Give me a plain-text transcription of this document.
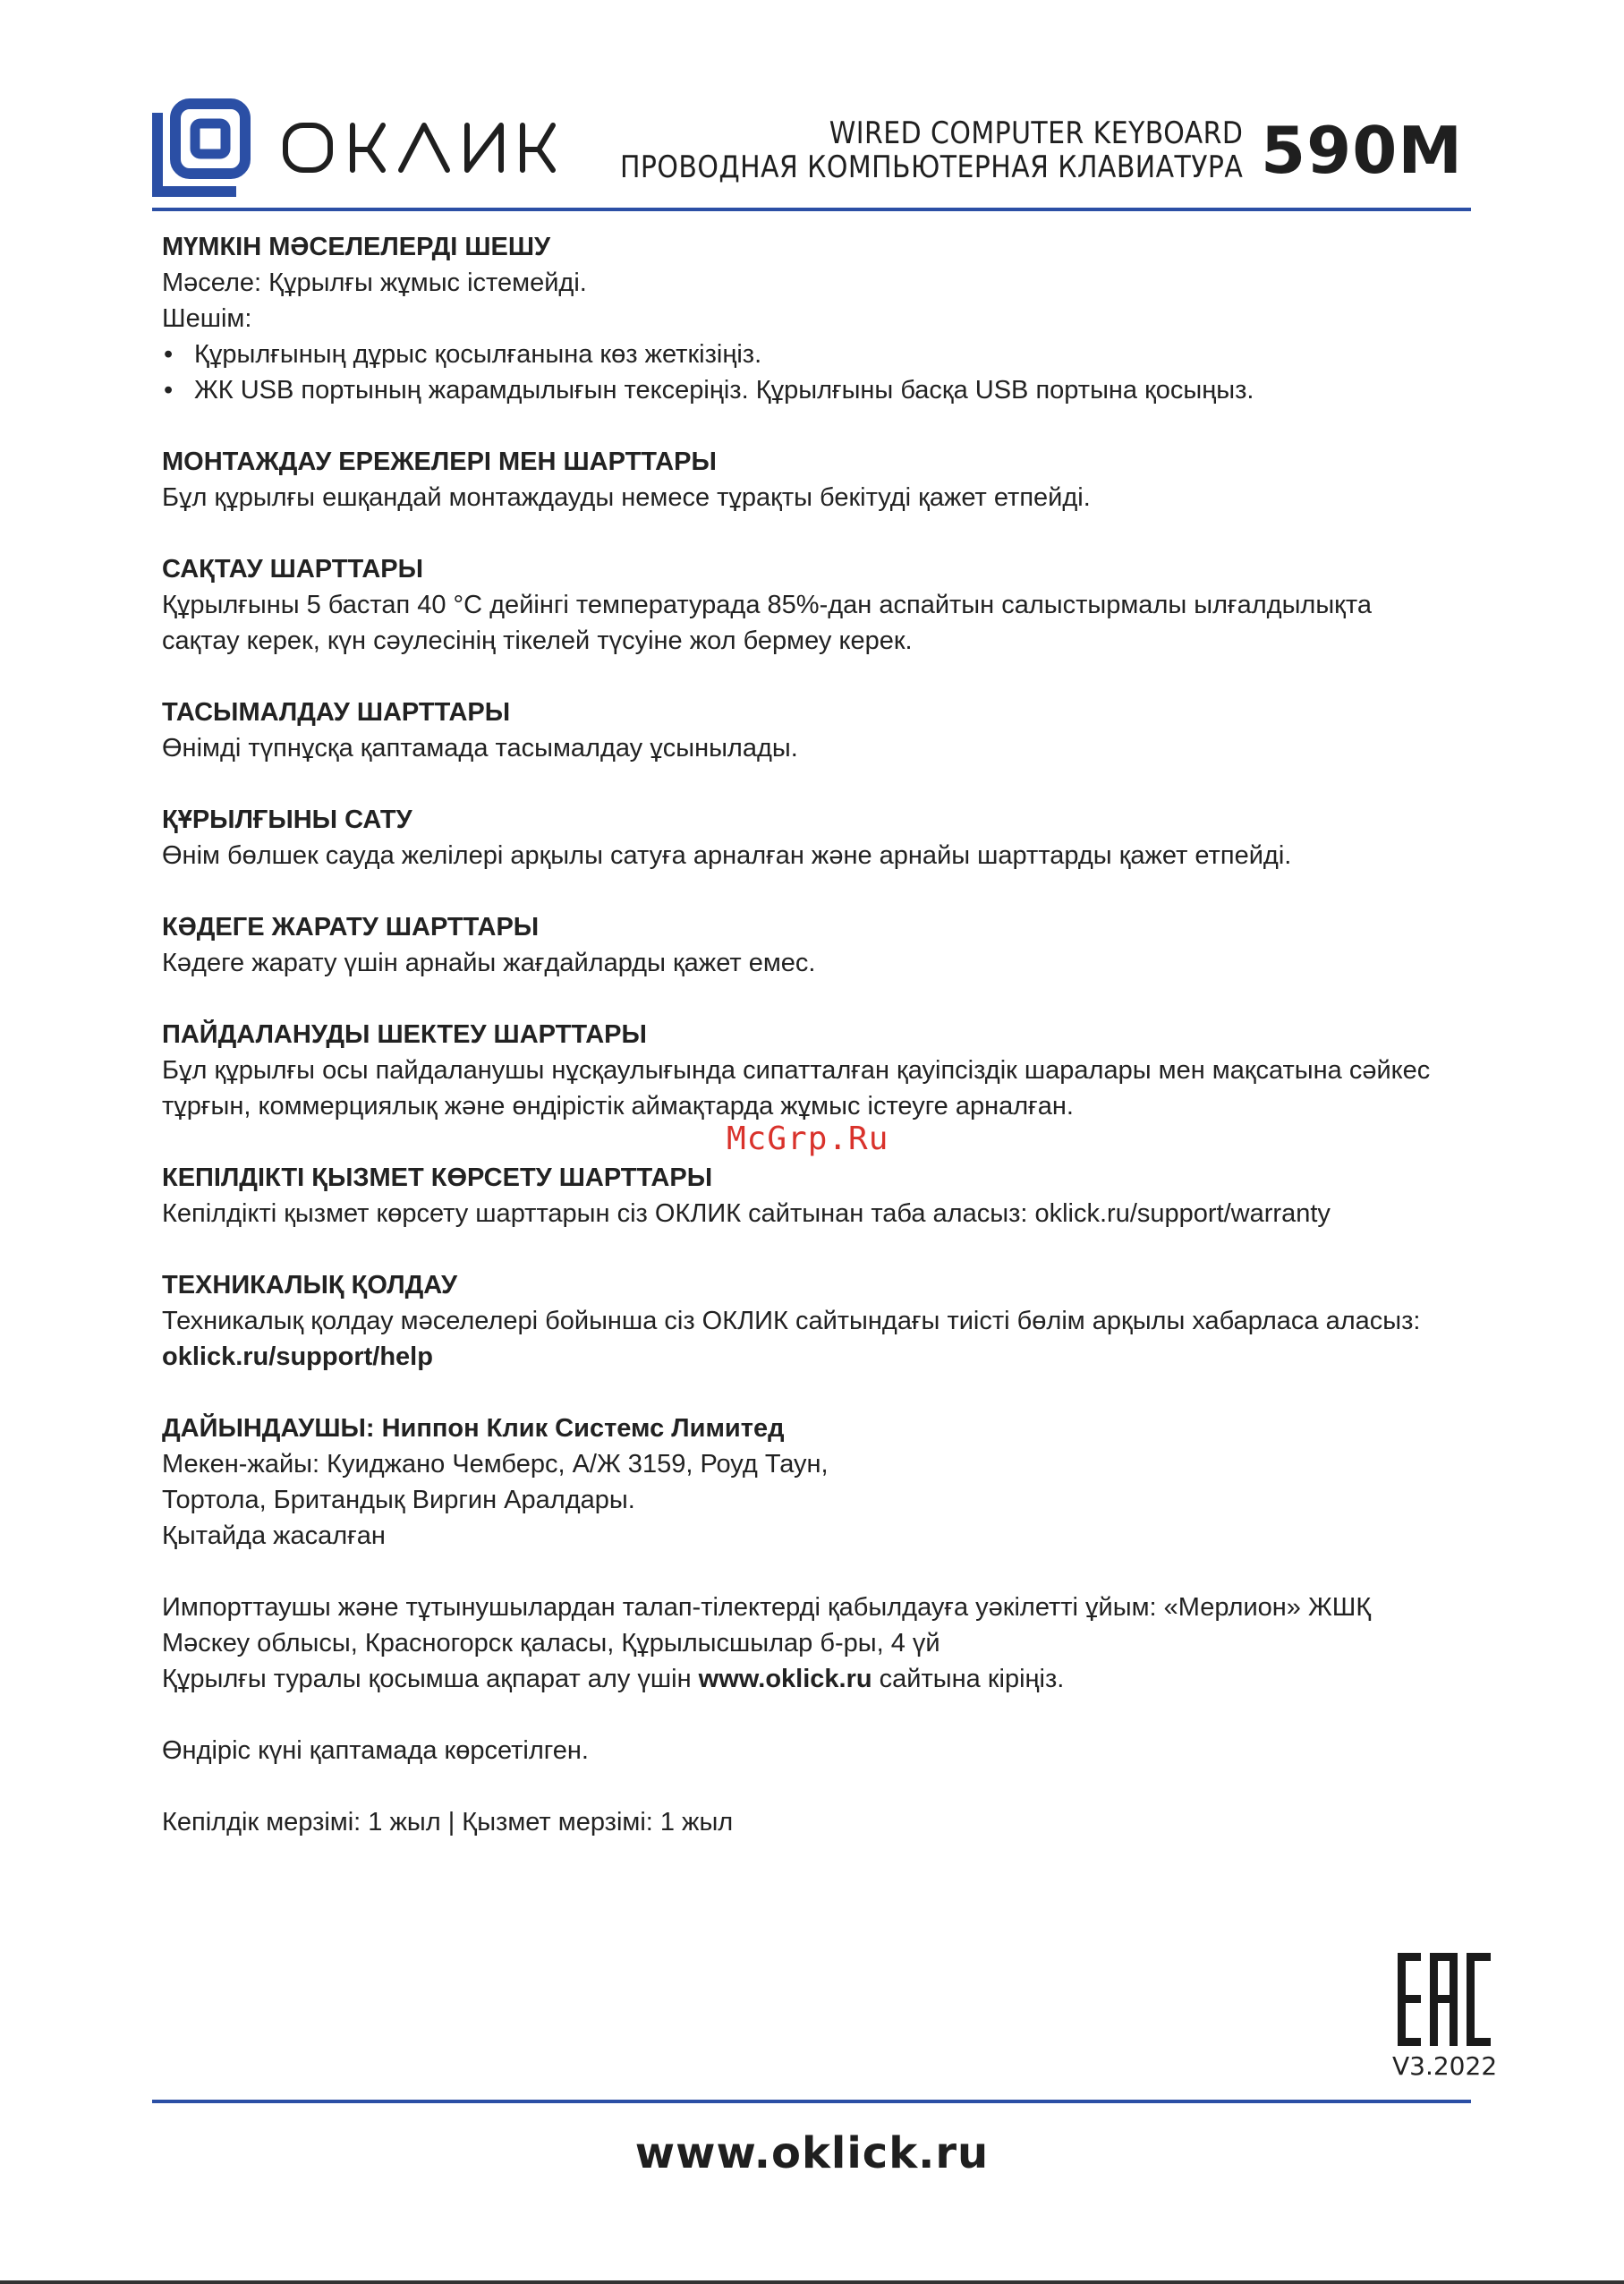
WIRED COMPUTER KEYBOARD
ПРОВОДНАЯ КОМПЬЮТЕРНАЯ КЛАВИАТУРА 590M
МҮМКІН МӘСЕЛЕЛЕРДІ ШЕШУ

Мәселе: Құрылғы жұмыс істемейді.

Шешім:

• Құрылғының дұрыс қосылғанына көз жеткізіңіз.
• ЖК USB портының жарамдылығын тексеріңіз. Құрылғыны басқа USB портына қосыңыз.
МОНТАЖДАУ ЕРЕЖЕЛЕРІ МЕН ШАРТТАРЫ

Бұл құрылғы ешқандай монтаждауды немесе тұрақты бекітуді қажет етпейді.

САҚТАУ ШАРТТАРЫ

Құрылғыны 5 бастап 40 °С дейінгі температурада 85%-дан аспайтын салыстырмалы ылғалдылықта

сақтау керек, күн сәулесінің тікелей түсуіне жол бермеу керек.

ТАСЫМАЛДАУ ШАРТТАРЫ

Өнімді түпнұсқа қаптамада тасымалдау ұсынылады.

ҚҰРЫЛҒЫНЫ САТУ

Өнім бөлшек сауда желілері арқылы сатуға арналған және арнайы шарттарды қажет етпейді.

КӘДЕГЕ ЖАРАТУ ШАРТТАРЫ

Кәдеге жарату үшін арнайы жағдайларды қажет емес.

ПАЙДАЛАНУДЫ ШЕКТЕУ ШАРТТАРЫ

Бұл құрылғы осы пайдаланушы нұсқаулығында сипатталған қауіпсіздік шаралары мен мақсатына сәйкес

тұрғын, коммерциялық және өндірістік аймақтарда жұмыс істеуге арналған.

КЕПІЛДІКТІ ҚЫЗМЕТ КӨРСЕТУ ШАРТТАРЫ

Кепілдікті қызмет көрсету шарттарын сіз ОКЛИК сайтынан таба аласыз: oklick.ru/support/warranty

ТЕХНИКАЛЫҚ ҚОЛДАУ

Техникалық қолдау мәселелері бойынша сіз ОКЛИК сайтындағы тиісті бөлім арқылы хабарласа аласыз:

oklick.ru/support/help

ДАЙЫНДАУШЫ: Ниппон Клик Системс Лимитед

Мекен-жайы: Куиджано Чемберс, А/Ж 3159, Роуд Таун,

Тортола, Британдық Виргин Аралдары.

Қытайда жасалған

Импорттаушы және тұтынушылардан талап-тілектерді қабылдауға уәкілетті ұйым: «Мерлион» ЖШҚ

Мәскеу облысы, Красногорск қаласы, Құрылысшылар б-ры, 4 үй

Құрылғы туралы қосымша ақпарат алу үшін www.oklick.ru сайтына кіріңіз.

Өндіріс күні қаптамада көрсетілген.

Кепілдік мерзімі: 1 жыл | Қызмет мерзімі: 1 жыл

McGrp.Ru
V3.2022
www.oklick.ru
